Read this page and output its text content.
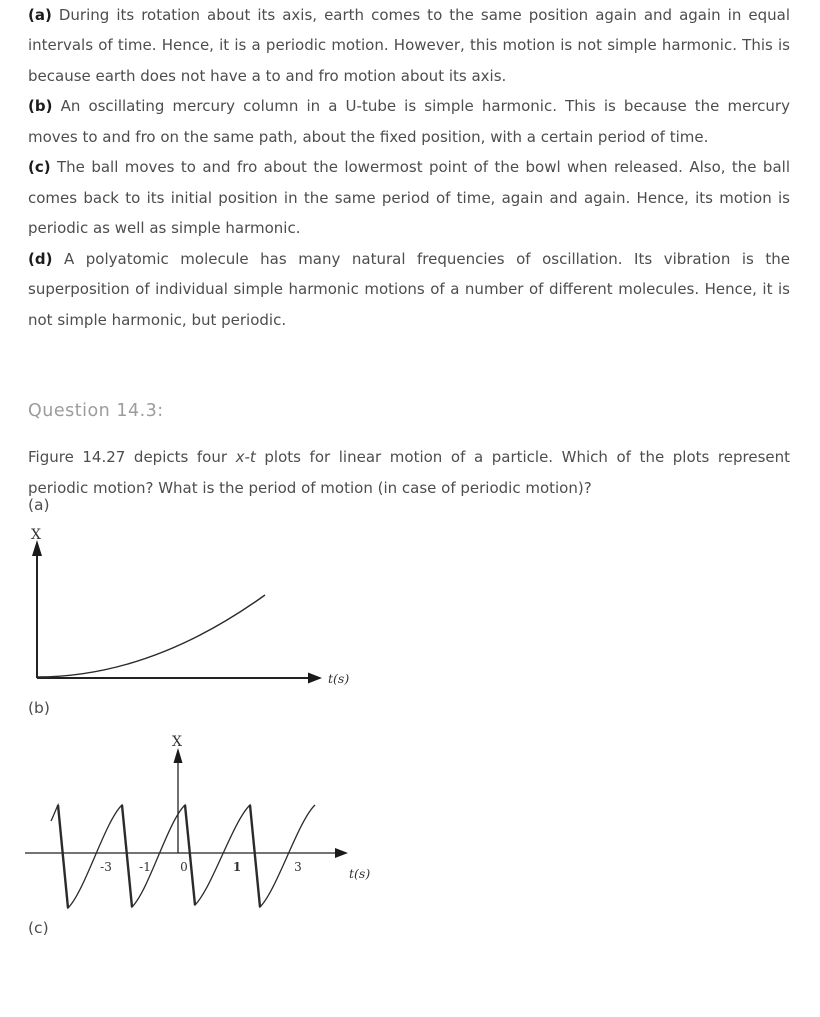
(a) During its rotation about its axis, earth comes to the same position again and again in equal intervals of time. Hence, it is a periodic motion. However, this motion is not simple harmonic. This is because earth does not have a to and fro motion about its axis.

(b) An oscillating mercury column in a U-tube is simple harmonic. This is because the mercury moves to and fro on the same path, about the fixed position, with a certain period of time.

(c) The ball moves to and fro about the lowermost point of the bowl when released. Also, the ball comes back to its initial position in the same period of time, again and again. Hence, its motion is periodic as well as simple harmonic.

(d) A polyatomic molecule has many natural frequencies of oscillation. Its vibration is the superposition of individual simple harmonic motions of a number of different molecules. Hence, it is not simple harmonic, but periodic.

Question 14.3:

Figure 14.27 depicts four x-t plots for linear motion of a particle. Which of the plots represent periodic motion? What is the period of motion (in case of periodic motion)?

(a)
X
t(s)
(b)
X
t(s)
-3 -1 0	1	3
(c)
